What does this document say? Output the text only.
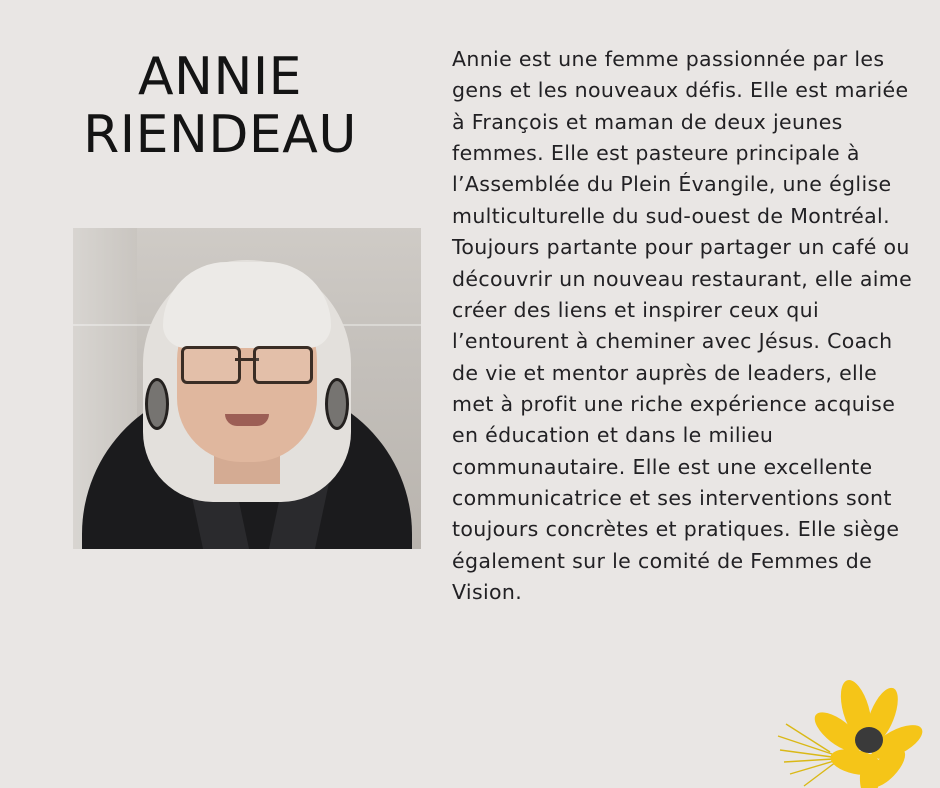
ANNIE
RIENDEAU

Annie est une femme passionnée par les gens et les nouveaux défis. Elle est mariée à François et maman de deux jeunes femmes. Elle est pasteure principale à l’Assemblée du Plein Évangile, une église multiculturelle du sud-ouest de Montréal.

Toujours partante pour partager un café ou découvrir un nouveau restaurant, elle aime créer des liens et inspirer ceux qui l’entourent à cheminer avec Jésus. Coach de vie et mentor auprès de leaders, elle met à profit une riche expérience acquise en éducation et dans le milieu communautaire. Elle est une excellente communicatrice et ses interventions sont toujours concrètes et pratiques. Elle siège également sur le comité de Femmes de Vision.
